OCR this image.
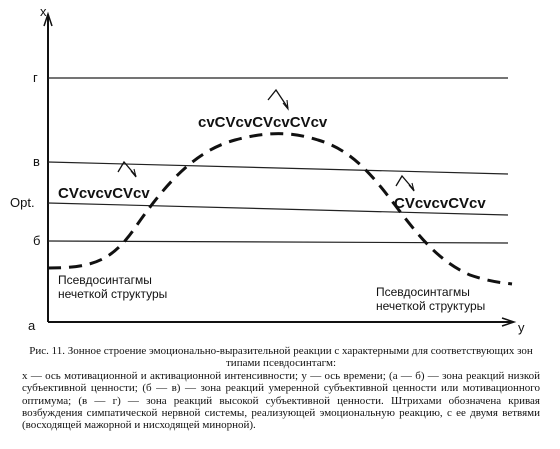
x
y
a
г
в
Opt.
б
CVcvcvCVcv
cvCVcvCVcvCVcv
CVcvcvCVcv
Псевдосинтагмы
нечеткой структуры	Псевдосинтагмы
нечеткой структуры

Рис. 11. Зонное строение эмоционально-выразительной реакции с характерными для соответствующих зон типами псевдосинтагм:

x — ось мотивационной и активационной интенсивности; y — ось времени; (a — б) — зона реакций низкой субъективной ценности; (б — в) — зона реакций умеренной субъективной ценности или мотивационного оптимума; (в — г) — зона реакций высокой субъективной ценности. Штрихами обозначена кривая возбуждения симпатической нервной системы, реализующей эмоциональную реакцию, с ее двумя ветвями (восходящей мажорной и нисходящей минорной).
